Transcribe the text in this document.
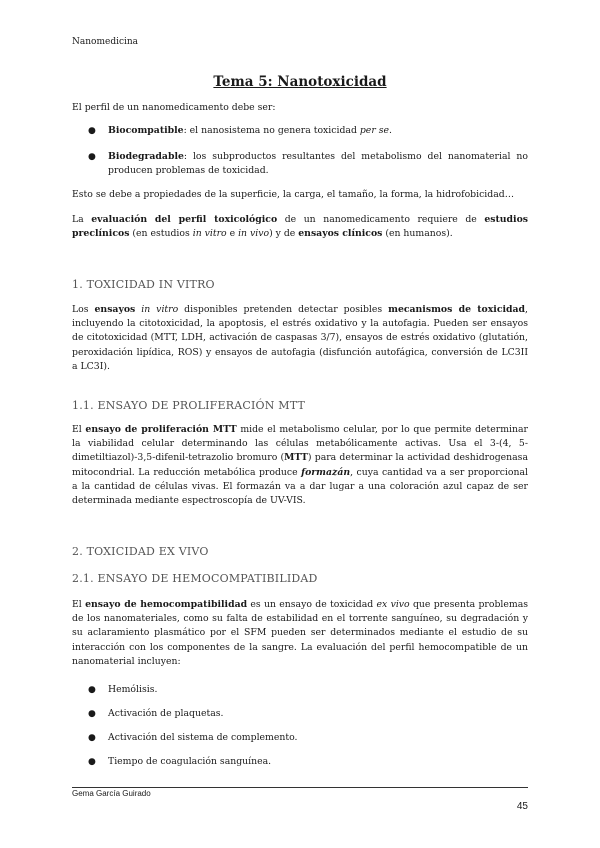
Nanomedicina
Tema 5: Nanotoxicidad

El perfil de un nanomedicamento debe ser:

● Biocompatible: el nanosistema no genera toxicidad per se.
● Biodegradable: los subproductos resultantes del metabolismo del nanomaterial no producen problemas de toxicidad.

Esto se debe a propiedades de la superficie, la carga, el tamaño, la forma, la hidrofobicidad…

La evaluación del perfil toxicológico de un nanomedicamento requiere de estudios preclínicos (en estudios in vitro e in vivo) y de ensayos clínicos (en humanos).

1. TOXICIDAD IN VITRO

Los ensayos in vitro disponibles pretenden detectar posibles mecanismos de toxicidad, incluyendo la citotoxicidad, la apoptosis, el estrés oxidativo y la autofagia. Pueden ser ensayos de citotoxicidad (MTT, LDH, activación de caspasas 3/7), ensayos de estrés oxidativo (glutatión, peroxidación lipídica, ROS) y ensayos de autofagia (disfunción autofágica, conversión de LC3II a LC3I).

1.1. ENSAYO DE PROLIFERACIÓN MTT

El ensayo de proliferación MTT mide el metabolismo celular, por lo que permite determinar la viabilidad celular determinando las células metabólicamente activas. Usa el 3-(4, 5-dimetiltiazol)-3,5-difenil-tetrazolio bromuro (MTT) para determinar la actividad deshidrogenasa mitocondrial. La reducción metabólica produce formazán, cuya cantidad va a ser proporcional a la cantidad de células vivas. El formazán va a dar lugar a una coloración azul capaz de ser determinada mediante espectroscopía de UV-VIS.

2. TOXICIDAD EX VIVO
2.1. ENSAYO DE HEMOCOMPATIBILIDAD

El ensayo de hemocompatibilidad es un ensayo de toxicidad ex vivo que presenta problemas de los nanomateriales, como su falta de estabilidad en el torrente sanguíneo, su degradación y su aclaramiento plasmático por el SFM pueden ser determinados mediante el estudio de su interacción con los componentes de la sangre. La evaluación del perfil hemocompatible de un nanomaterial incluyen:

● Hemólisis.
● Activación de plaquetas.
● Activación del sistema de complemento.
● Tiempo de coagulación sanguínea.
Gema García Guirado
45
